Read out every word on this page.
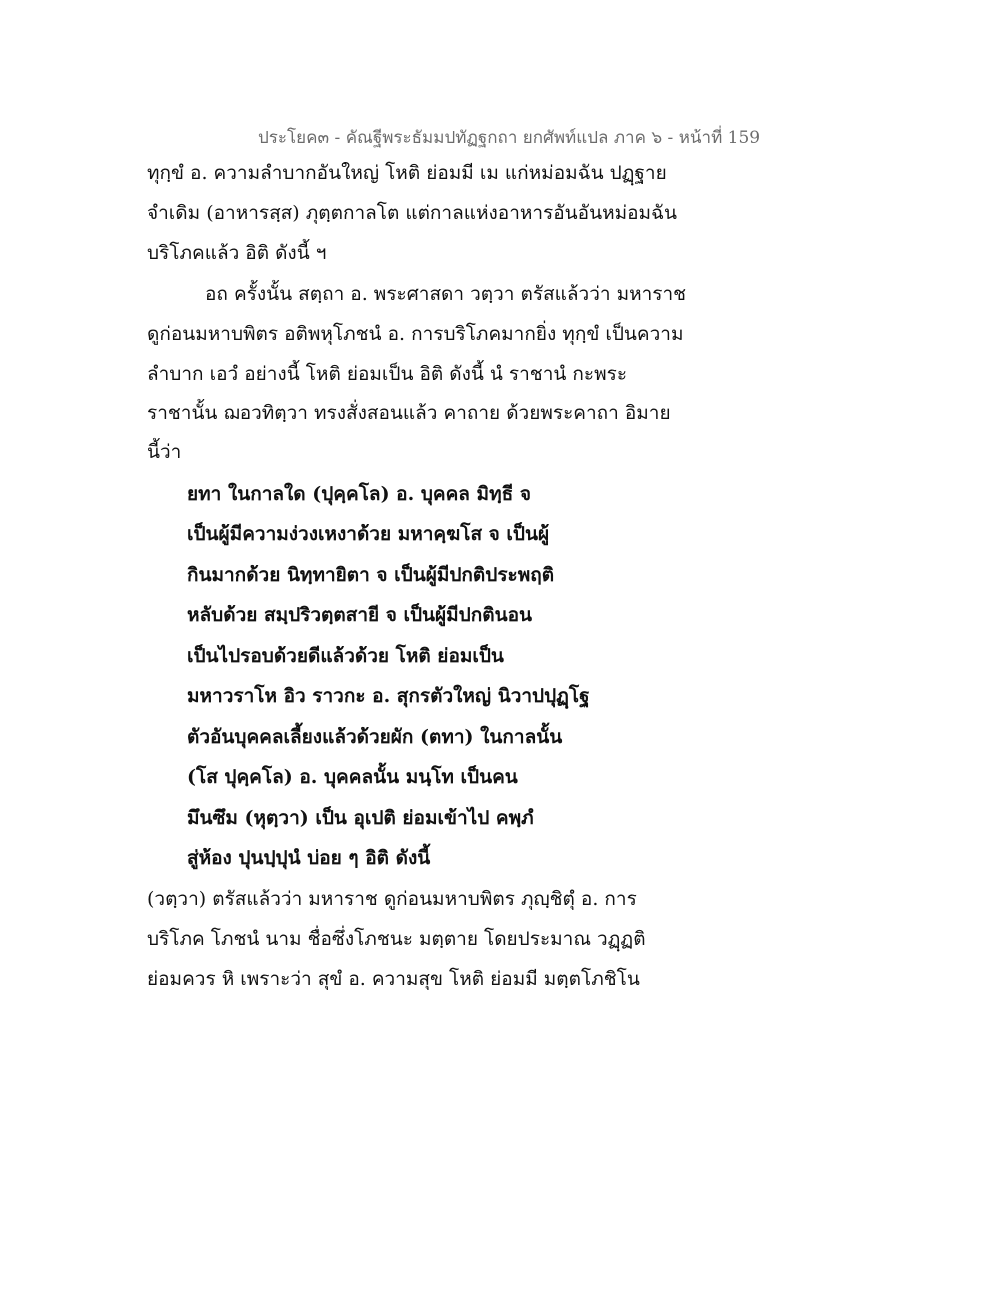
ประโยค๓ - คัณฐีพระธัมมปทัฏฐกถา ยกศัพท์แปล ภาค ๖ - หน้าที่ 159
ทุกฺขํ อ. ความลำบากอันใหญ่ โหติ ย่อมมี เม แก่หม่อมฉัน ปฏฺฐาย
จำเดิม (อาหารสฺส) ภุตฺตกาลโต แต่กาลแห่งอาหารอันอันหม่อมฉัน
บริโภคแล้ว อิติ ดังนี้ ฯ
อถ ครั้งนั้น สตฺถา อ. พระศาสดา วตฺวา ตรัสแล้วว่า มหาราช
ดูก่อนมหาบพิตร อติพหุโภชนํ อ. การบริโภคมากยิ่ง ทุกฺขํ เป็นความ
ลำบาก เอวํ อย่างนี้ โหติ ย่อมเป็น อิติ ดังนี้ นํ ราชานํ กะพระ
ราชานั้น ฌอวทิตฺวา ทรงสั่งสอนแล้ว คาถาย ด้วยพระคาถา อิมาย
นี้ว่า
ยทา ในกาลใด (ปุคฺคโล) อ. บุคคล มิทฺธี จ
เป็นผู้มีความง่วงเหงาด้วย มหาคฺฆโส จ เป็นผู้
กินมากด้วย นิทฺทายิตา จ เป็นผู้มีปกติประพฤติ
หลับด้วย สมฺปริวตฺตสายี จ เป็นผู้มีปกตินอน
เป็นไปรอบด้วยดีแล้วด้วย โหติ ย่อมเป็น
มหาวราโห อิว ราวกะ อ. สุกรตัวใหญ่ นิวาปปุฏฺโฐ
ตัวอันบุคคลเลี้ยงแล้วด้วยผัก (ตทา) ในกาลนั้น
(โส ปุคฺคโล) อ. บุคคลนั้น มนฺโท เป็นคน
มึนซึม (หุตฺวา) เป็น อุเปติ ย่อมเข้าไป คพฺภํ
สู่ห้อง ปุนปฺปุนํ บ่อย ๆ อิติ ดังนี้
(วตฺวา) ตรัสแล้วว่า มหาราช ดูก่อนมหาบพิตร ภุญฺชิตุํ อ. การ
บริโภค โภชนํ นาม ชื่อซึ่งโภชนะ มตฺตาย โดยประมาณ วฏฺฏติ
ย่อมควร หิ เพราะว่า สุขํ อ. ความสุข โหติ ย่อมมี มตฺตโภชิโน
